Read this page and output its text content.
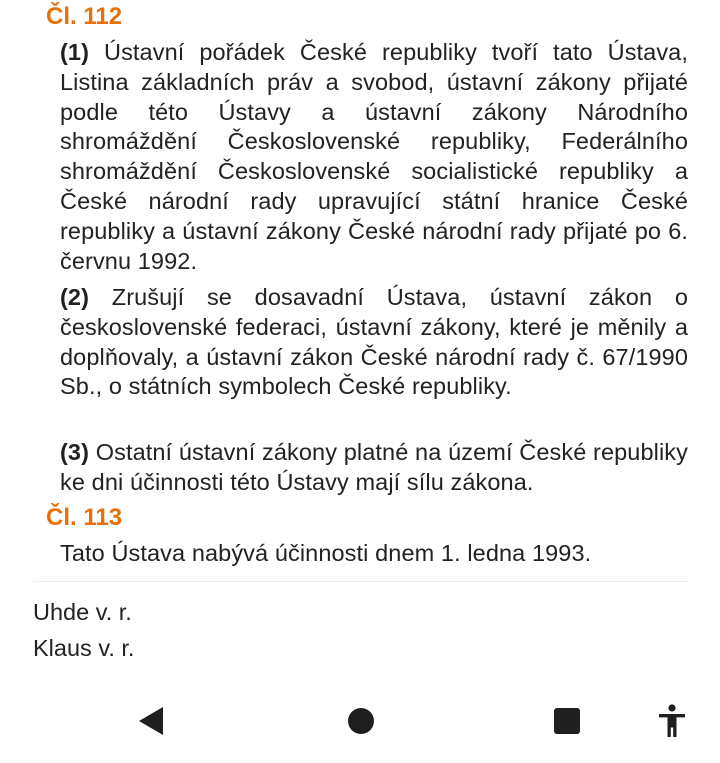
Čl. 112
(1) Ústavní pořádek České republiky tvoří tato Ústava, Listina základních práv a svobod, ústavní zákony přijaté podle této Ústavy a ústavní zákony Národního shromáždění Československé republiky, Federálního shromáždění Československé socialistické republiky a České národní rady upravující státní hranice České republiky a ústavní zákony České národní rady přijaté po 6. červnu 1992.
(2) Zrušují se dosavadní Ústava, ústavní zákon o československé federaci, ústavní zákony, které je měnily a doplňovaly, a ústavní zákon České národní rady č. 67/1990 Sb., o státních symbolech České republiky.
(3) Ostatní ústavní zákony platné na území České republiky ke dni účinnosti této Ústavy mají sílu zákona.
Čl. 113
Tato Ústava nabývá účinnosti dnem 1. ledna 1993.
Uhde v. r.
Klaus v. r.
